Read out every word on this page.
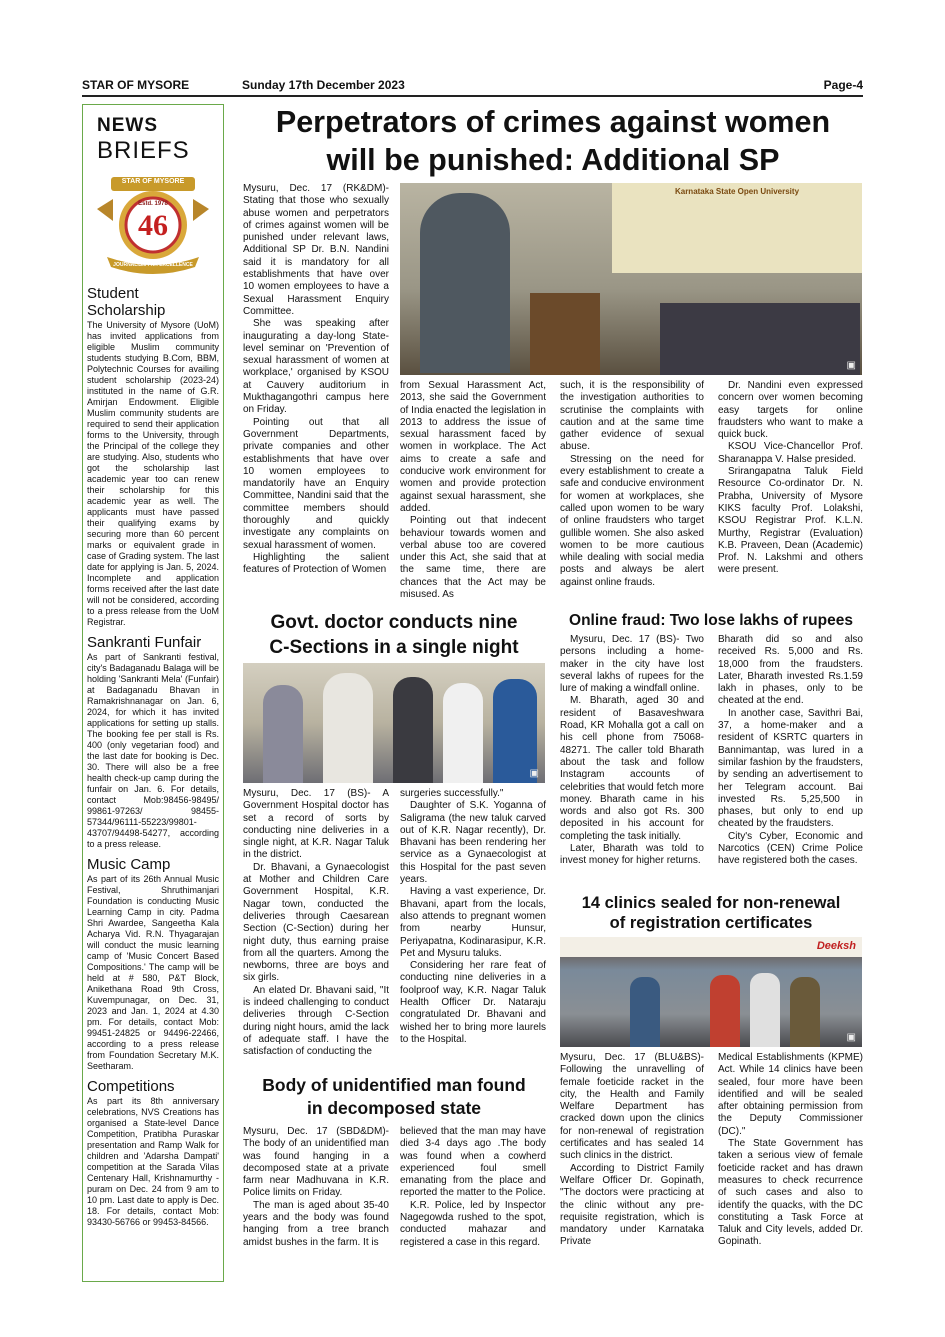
STAR OF MYSORE	Sunday 17th December 2023	Page-4
NEWS
BRIEFS
STAR OF MYSORE
Estd. 1978
46
JOURNALISM PAR EXCELLENCE
Student Scholarship
The University of Mysore (UoM) has invited applications from eligible Muslim community students studying B.Com, BBM, Polytechnic Courses for availing student scholarship (2023-24) instituted in the name of G.R. Amirjan Endowment. Eligible Muslim community students are required to send their application forms to the University, through the Principal of the college they are studying. Also, students who got the scholarship last academic year too can renew their scholarship for this academic year as well. The applicants must have passed their qualifying exams by securing more than 60 percent marks or equivalent grade in case of Grading system. The last date for applying is Jan. 5, 2024. Incomplete and application forms received after the last date will not be considered, according to a press release from the UoM Registrar.
Sankranti Funfair
As part of Sankranti festival, city's Badaganadu Balaga will be holding 'Sankranti Mela' (Funfair) at Badaganadu Bhavan in Ramakrishnanagar on Jan. 6, 2024, for which it has invited applications for setting up stalls. The booking fee per stall is Rs. 400 (only vegetarian food) and the last date for booking is Dec. 30. There will also be a free health check-up camp during the funfair on Jan. 6. For details, contact Mob:98456-98495/ 99861-97263/ 98455-57344/96111-55223/99801-43707/94498-54277, according to a press release.
Music Camp
As part of its 26th Annual Music Festival, Shruthimanjari Foundation is conducting Music Learning Camp in city. Padma Shri Awardee, Sangeetha Kala Acharya Vid. R.N. Thyagarajan will conduct the music learning camp of 'Music Concert Based Compositions.' The camp will be held at # 580, P&T Block, Anikethana Road 9th Cross, Kuvempunagar, on Dec. 31, 2023 and Jan. 1, 2024 at 4.30 pm. For details, contact Mob: 99451-24825 or 94496-22466, according to a press release from Foundation Secretary M.K. Seetharam.
Competitions
As part its 8th anniversary celebrations, NVS Creations has organised a State-level Dance Competition, Pratibha Puraskar presentation and Ramp Walk for children and 'Adarsha Dampati' competition at the Sarada Vilas Centenary Hall, Krishnamurthy -puram on Dec. 24 from 9 am to 10 pm. Last date to apply is Dec. 18. For details, contact Mob: 93430-56766 or 99453-84566.
Perpetrators of crimes against women
will be punished: Additional SP

Mysuru, Dec. 17 (RK&DM)- Stating that those who sexually abuse women and perpetrators of crimes against women will be punished under relevant laws, Additional SP Dr. B.N. Nandini said it is mandatory for all establishments that have over 10 women employees to have a Sexual Harassment Enquiry Committee.

She was speaking after inaugurating a day-long State-level seminar on 'Prevention of sexual harassment of women at workplace,' organised by KSOU at Cauvery auditorium in Mukthagangothri campus here on Friday.

Pointing out that all Government Departments, private companies and other establishments that have over 10 women employees to mandatorily have an Enquiry Committee, Nandini said that the committee members should thoroughly and quickly investigate any complaints on sexual harassment of women.

Highlighting the salient features of Protection of Women

Karnataka State Open University
▣

from Sexual Harassment Act, 2013, she said the Government of India enacted the legislation in 2013 to address the issue of sexual harassment faced by women in workplace. The Act aims to create a safe and conducive work environment for women and provide protection against sexual harassment, she added.

Pointing out that indecent behaviour towards women and verbal abuse too are covered under this Act, she said that at the same time, there are chances that the Act may be misused. As

such, it is the responsibility of the investigation authorities to scrutinise the complaints with caution and at the same time gather evidence of sexual abuse.

Stressing on the need for every establishment to create a safe and conducive environment for women at workplaces, she called upon women to be wary of online fraudsters who target gullible women. She also asked women to be more cautious while dealing with social media posts and always be alert against online frauds.

Dr. Nandini even expressed concern over women becoming easy targets for online fraudsters who want to make a quick buck.

KSOU Vice-Chancellor Prof. Sharanappa V. Halse presided.

Srirangapatna Taluk Field Resource Co-ordinator Dr. N. Prabha, University of Mysore KIKS faculty Prof. Lolakshi, KSOU Registrar Prof. K.L.N. Murthy, Registrar (Evaluation) K.B. Praveen, Dean (Academic) Prof. N. Lakshmi and others were present.

Govt. doctor conducts nine
C-Sections in a single night
▣

Mysuru, Dec. 17 (BS)- A Government Hospital doctor has set a record of sorts by conducting nine deliveries in a single night, at K.R. Nagar Taluk in the district.

Dr. Bhavani, a Gynaecologist at Mother and Children Care Government Hospital, K.R. Nagar town, conducted the deliveries through Caesarean Section (C-Section) during her night duty, thus earning praise from all the quarters. Among the newborns, three are boys and six girls.

An elated Dr. Bhavani said, "It is indeed challenging to conduct deliveries through C-Section during night hours, amid the lack of adequate staff. I have the satisfaction of conducting the

surgeries successfully."

Daughter of S.K. Yoganna of Saligrama (the new taluk carved out of K.R. Nagar recently), Dr. Bhavani has been rendering her service as a Gynaecologist at this Hospital for the past seven years.

Having a vast experience, Dr. Bhavani, apart from the locals, also attends to pregnant women from nearby Hunsur, Periyapatna, Kodinarasipur, K.R. Pet and Mysuru taluks.

Considering her rare feat of conducting nine deliveries in a foolproof way, K.R. Nagar Taluk Health Officer Dr. Nataraju congratulated Dr. Bhavani and wished her to bring more laurels to the Hospital.

Online fraud: Two lose lakhs of rupees

Mysuru, Dec. 17 (BS)- Two persons including a home-maker in the city have lost several lakhs of rupees for the lure of making a windfall online.

M. Bharath, aged 30 and resident of Basaveshwara Road, KR Mohalla got a call on his cell phone from 75068-48271. The caller told Bharath about the task and follow Instagram accounts of celebrities that would fetch more money. Bharath came in his words and also got Rs. 300 deposited in his account for completing the task initially.

Later, Bharath was told to invest money for higher returns.

Bharath did so and also received Rs. 5,000 and Rs. 18,000 from the fraudsters. Later, Bharath invested Rs.1.59 lakh in phases, only to be cheated at the end.

In another case, Savithri Bai, 37, a home-maker and a resident of KSRTC quarters in Bannimantap, was lured in a similar fashion by the fraudsters, by sending an advertisement to her Telegram account. Bai invested Rs. 5,25,500 in phases, but only to end up cheated by the fraudsters.

City's Cyber, Economic and Narcotics (CEN) Crime Police have registered both the cases.

14 clinics sealed for non-renewal
of registration certificates
Deeksh
▣

Mysuru, Dec. 17 (BLU&BS)- Following the unravelling of female foeticide racket in the city, the Health and Family Welfare Department has cracked down upon the clinics for non-renewal of registration certificates and has sealed 14 such clinics in the district.

According to District Family Welfare Officer Dr. Gopinath, "The doctors were practicing at the clinic without any pre-requisite registration, which is mandatory under Karnataka Private

Medical Establishments (KPME) Act. While 14 clinics have been sealed, four more have been identified and will be sealed after obtaining permission from the Deputy Commissioner (DC)."

The State Government has taken a serious view of female foeticide racket and has drawn measures to check recurrence of such cases and also to identify the quacks, with the DC constituting a Task Force at Taluk and City levels, added Dr. Gopinath.

Body of unidentified man found
in decomposed state

Mysuru, Dec. 17 (SBD&DM)- The body of an unidentified man was found hanging in a decomposed state at a private farm near Madhuvana in K.R. Police limits on Friday.

The man is aged about 35-40 years and the body was found hanging from a tree branch amidst bushes in the farm. It is

believed that the man may have died 3-4 days ago .The body was found when a cowherd experienced foul smell emanating from the place and reported the matter to the Police.

K.R. Police, led by Inspector Nagegowda rushed to the spot, conducted mahazar and registered a case in this regard.
